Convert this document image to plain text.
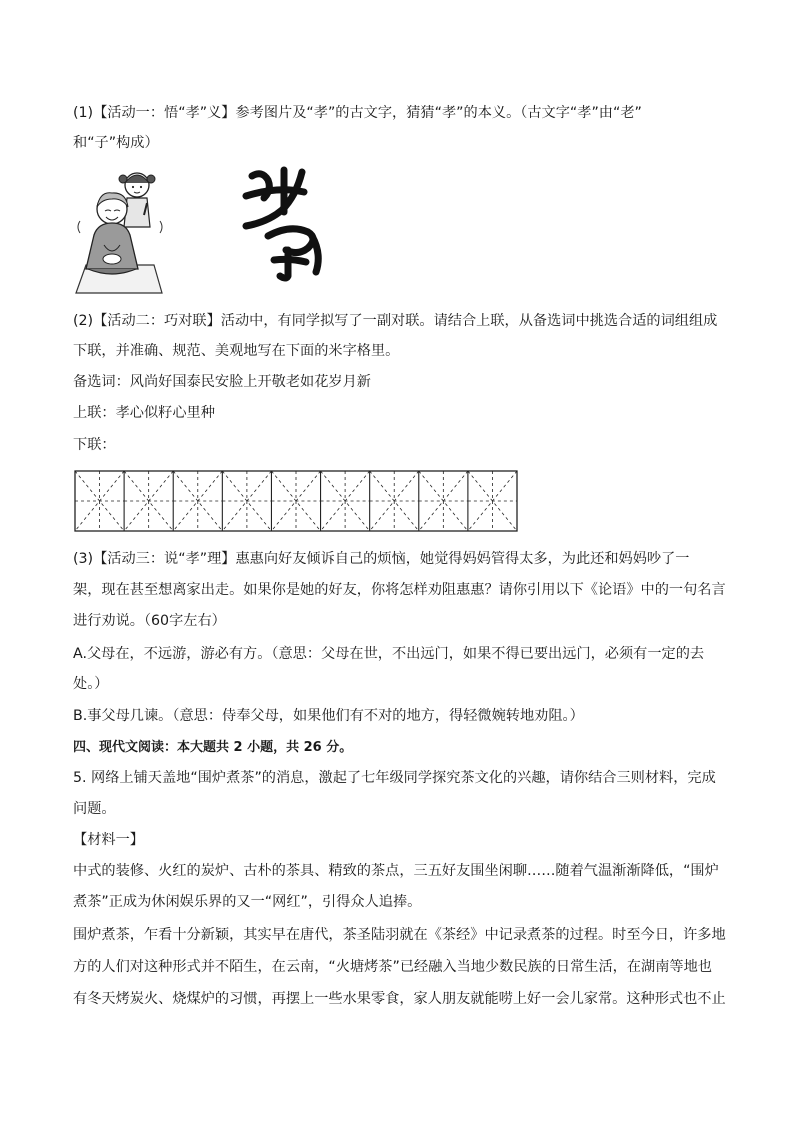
(1)【活动一：悟“孝”义】参考图片及“孝”的古文字，猜猜“孝”的本义。（古文字“孝”由“老”
和“子”构成）
(2)【活动二：巧对联】活动中，有同学拟写了一副对联。请结合上联，从备选词中挑选合适的词组组成
下联，并准确、规范、美观地写在下面的米字格里。
备选词：风尚好国泰民安脸上开敬老如花岁月新
上联：孝心似籽心里种
下联：
(3)【活动三：说“孝”理】惠惠向好友倾诉自己的烦恼，她觉得妈妈管得太多，为此还和妈妈吵了一
架，现在甚至想离家出走。如果你是她的好友，你将怎样劝阻惠惠？请你引用以下《论语》中的一句名言
进行劝说。（60字左右）
A.父母在，不远游，游必有方。（意思：父母在世，不出远门，如果不得已要出远门，必须有一定的去
处。）
B.事父母几谏。（意思：侍奉父母，如果他们有不对的地方，得轻微婉转地劝阻。）
四、现代文阅读：本大题共 2 小题，共 26 分。
5. 网络上铺天盖地“围炉煮茶”的消息，激起了七年级同学探究茶文化的兴趣，请你结合三则材料，完成
问题。
【材料一】
中式的装修、火红的炭炉、古朴的茶具、精致的茶点，三五好友围坐闲聊……随着气温渐渐降低，“围炉
煮茶”正成为休闲娱乐界的又一“网红”，引得众人追捧。
围炉煮茶，乍看十分新颖，其实早在唐代，茶圣陆羽就在《茶经》中记录煮茶的过程。时至今日，许多地
方的人们对这种形式并不陌生，在云南，“火塘烤茶”已经融入当地少数民族的日常生活，在湖南等地也
有冬天烤炭火、烧煤炉的习惯，再摆上一些水果零食，家人朋友就能唠上好一会儿家常。这种形式也不止
